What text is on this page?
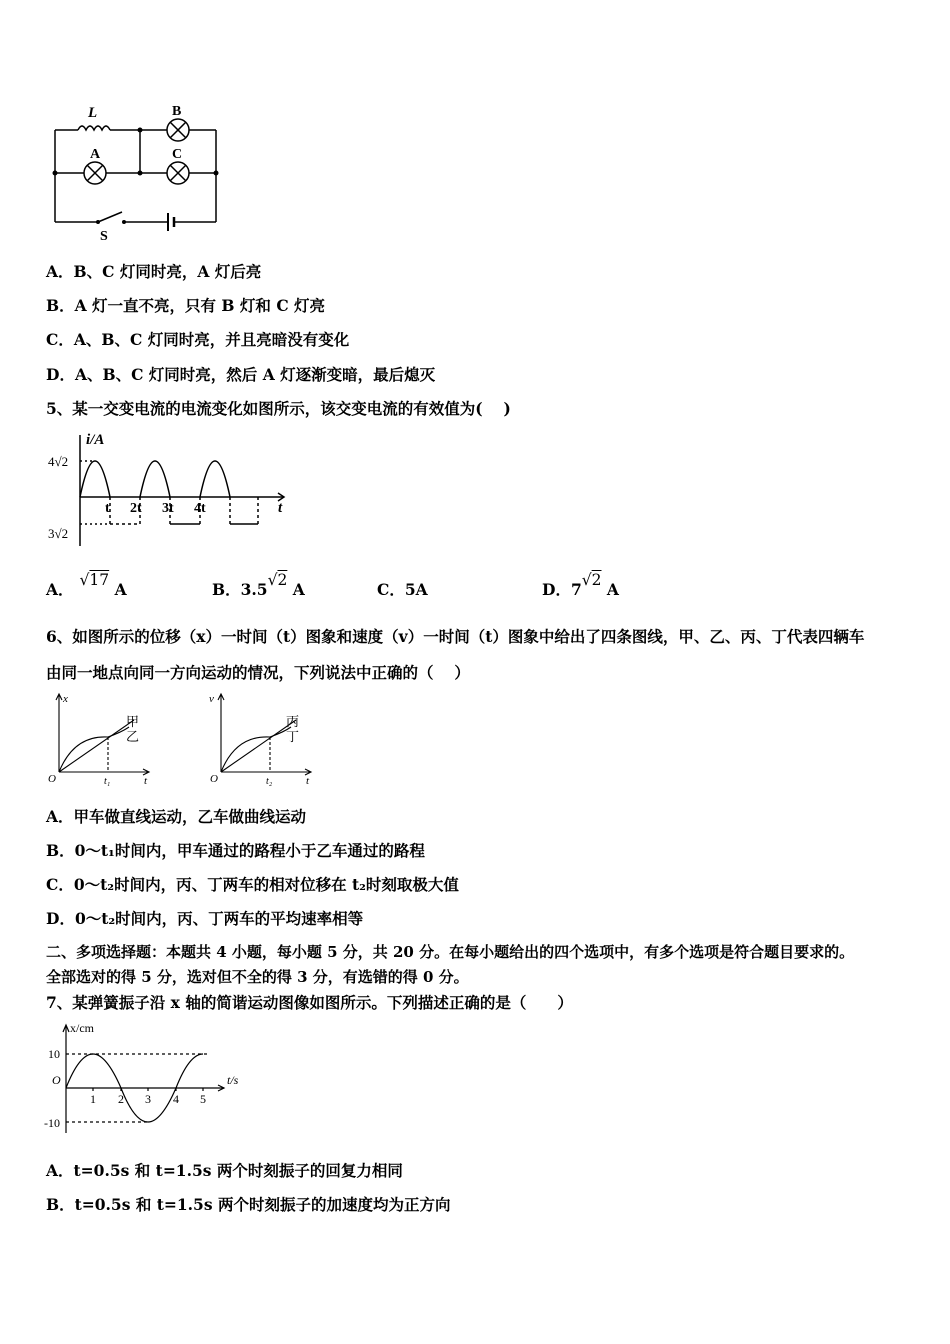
L	B
A	C
S
A．B、C 灯同时亮，A 灯后亮
B．A 灯一直不亮，只有 B 灯和 C 灯亮
C．A、B、C 灯同时亮，并且亮暗没有变化
D．A、B、C 灯同时亮，然后 A 灯逐渐变暗，最后熄灭
5、某一交变电流的电流变化如图所示，该交变电流的有效值为(　 )
i/A
t
4√2
3√2
t 2t 3t 4t
A． √17 A	B．3.5√2 A	C．5A	D．7√2 A
6、如图所示的位移（x）一时间（t）图象和速度（v）一时间（t）图象中给出了四条图线，甲、乙、丙、丁代表四辆车
由同一地点向同一方向运动的情况，下列说法中正确的（　 ）
x
t
O	t₁
甲
乙
v
t
O	t₂
丙
丁
A．甲车做直线运动，乙车做曲线运动
B．0～t₁时间内，甲车通过的路程小于乙车通过的路程
C．0～t₂时间内，丙、丁两车的相对位移在 t₂时刻取极大值
D．0～t₂时间内，丙、丁两车的平均速率相等
二、多项选择题：本题共 4 小题，每小题 5 分，共 20 分。在每小题给出的四个选项中，有多个选项是符合题目要求的。
全部选对的得 5 分，选对但不全的得 3 分，有选错的得 0 分。
7、某弹簧振子沿 x 轴的简谐运动图像如图所示。下列描述正确的是（　　）
x/cm
t/s
O
10
-10
1 2 3 4 5
A．t=0.5s 和 t=1.5s 两个时刻振子的回复力相同
B．t=0.5s 和 t=1.5s 两个时刻振子的加速度均为正方向
